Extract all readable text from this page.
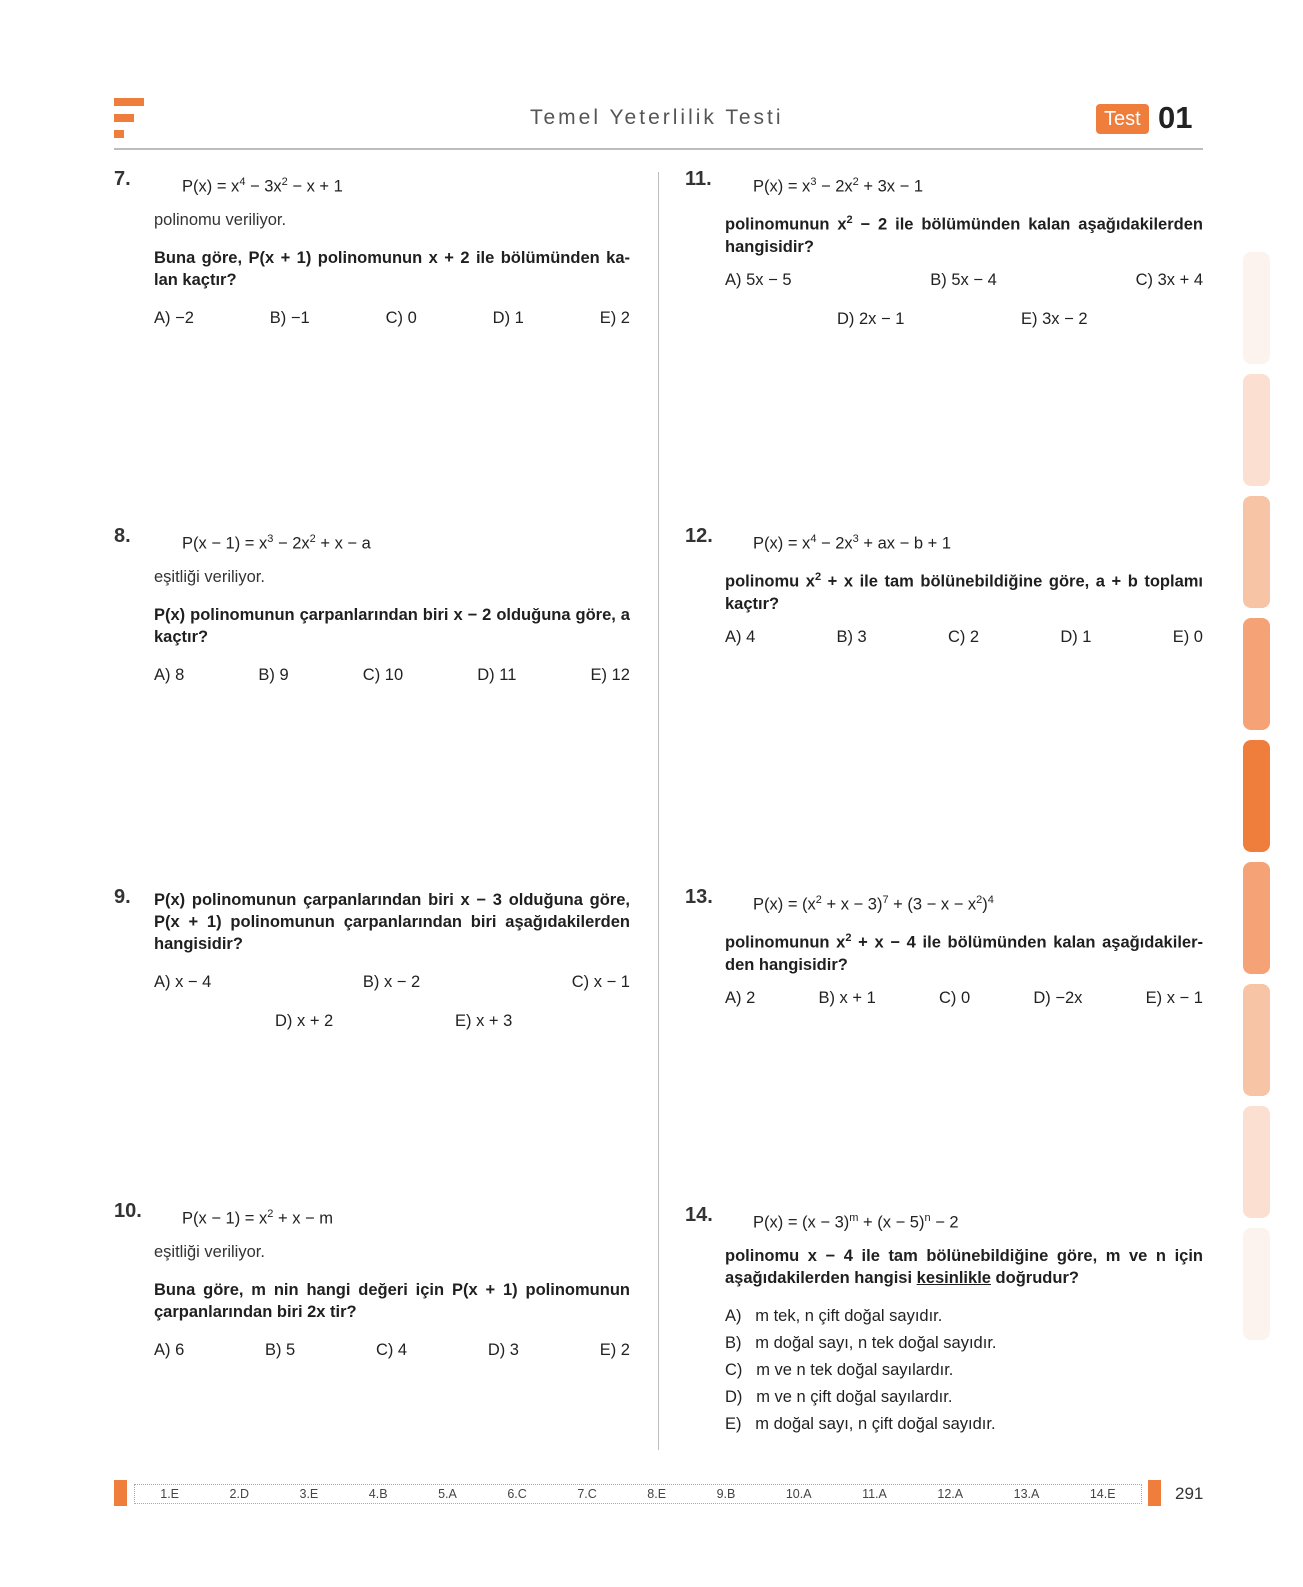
Temel Yeterlilik Testi	Test 01
7.	$P(x) = x^4 - 3x^2 - x + 1$
polinomu veriliyor.
Buna göre, P(x + 1) polinomunun x + 2 ile bölümünden ka-lan kaçtır?
A) −2	B) −1	C) 0	D) 1	E) 2
8.	$P(x - 1) = x^3 - 2x^2 + x - a$
eşitliği veriliyor.
P(x) polinomunun çarpanlarından biri x − 2 olduğuna göre, a kaçtır?
A) 8	B) 9	C) 10	D) 11	E) 12
9. P(x) polinomunun çarpanlarından biri x − 3 olduğuna göre, P(x + 1) polinomunun çarpanlarından biri aşağıdakilerden hangisidir?
A) x − 4	B) x − 2	C) x − 1
D) x + 2	E) x + 3
10. $P(x - 1) = x^2 + x - m$
eşitliği veriliyor.
Buna göre, m nin hangi değeri için P(x + 1) polinomunun çarpanlarından biri 2x tir?
A) 6	B) 5	C) 4	D) 3	E) 2
11.	$P(x) = x^3 - 2x^2 + 3x - 1$
polinomunun $x^2 - 2$ ile bölümünden kalan aşağıdakilerden hangisidir?
A) 5x − 5	B) 5x − 4	C) 3x + 4
D) 2x − 1	E) 3x − 2
12. $P(x) = x^4 - 2x^3$ + ax − b + 1
polinomu $x^2 + x$ ile tam bölünebildiğine göre, a + b toplamı kaçtır?
A) 4	B) 3	C) 2	D) 1	E) 0
13. $P(x) = (x^2 + x - 3)^7 + (3 - x - x^2)^4$
polinomunun $x^2 + x - 4$ ile bölümünden kalan aşağıdakiler-den hangisidir?
A) 2	B) x + 1	C) 0	D) −2x	E) x − 1
14. $P(x) = (x - 3)^m + (x - 5)^n - 2$
polinomu x − 4 ile tam bölünebildiğine göre, m ve n için aşağıdakilerden hangisi kesinlikle doğrudur?
A) m tek, n çift doğal sayıdır.
B) m doğal sayı, n tek doğal sayıdır.
C) m ve n tek doğal sayılardır.
D) m ve n çift doğal sayılardır.
E) m doğal sayı, n çift doğal sayıdır.
1.E	2.D	3.E	4.B	5.A	6.C	7.C	8.E	9.B	10.A	11.A	12.A	13.A	14.E	291
